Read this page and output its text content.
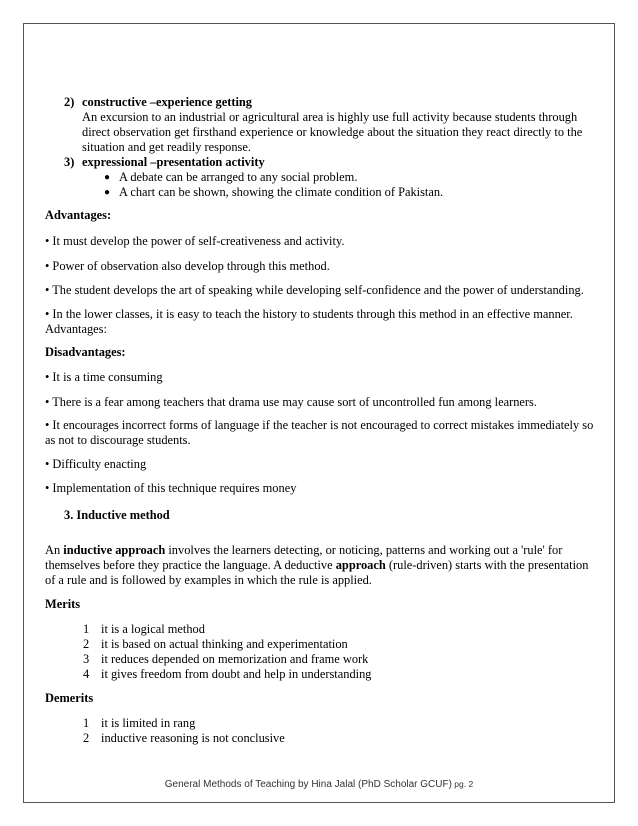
2) constructive –experience getting
An excursion to an industrial or agricultural area is highly use full activity because students through
direct observation get firsthand experience or knowledge about the situation they react directly to the
situation and get readily response.
3) expressional –presentation activity
● A debate can be arranged to any social problem.
● A chart can be shown, showing the climate condition of Pakistan.
Advantages:
• It must develop the power of self-creativeness and activity.
• Power of observation also develop through this method.
• The student develops the art of speaking while developing self-confidence and the power of understanding.
• In the lower classes, it is easy to teach the history to students through this method in an effective manner.
Advantages:
Disadvantages:
• It is a time consuming
• There is a fear among teachers that drama use may cause sort of uncontrolled fun among learners.
• It encourages incorrect forms of language if the teacher is not encouraged to correct mistakes immediately so
as not to discourage students.
• Difficulty enacting
• Implementation of this technique requires money
3. Inductive method
An inductive approach involves the learners detecting, or noticing, patterns and working out a 'rule' for
themselves before they practice the language. A deductive approach (rule-driven) starts with the presentation
of a rule and is followed by examples in which the rule is applied.
Merits
1 it is a logical method
2 it is based on actual thinking and experimentation
3 it reduces depended on memorization and frame work
4 it gives freedom from doubt and help in understanding
Demerits
1 it is limited in rang
2 inductive reasoning is not conclusive
General Methods of Teaching by Hina Jalal (PhD Scholar GCUF) pg. 2
